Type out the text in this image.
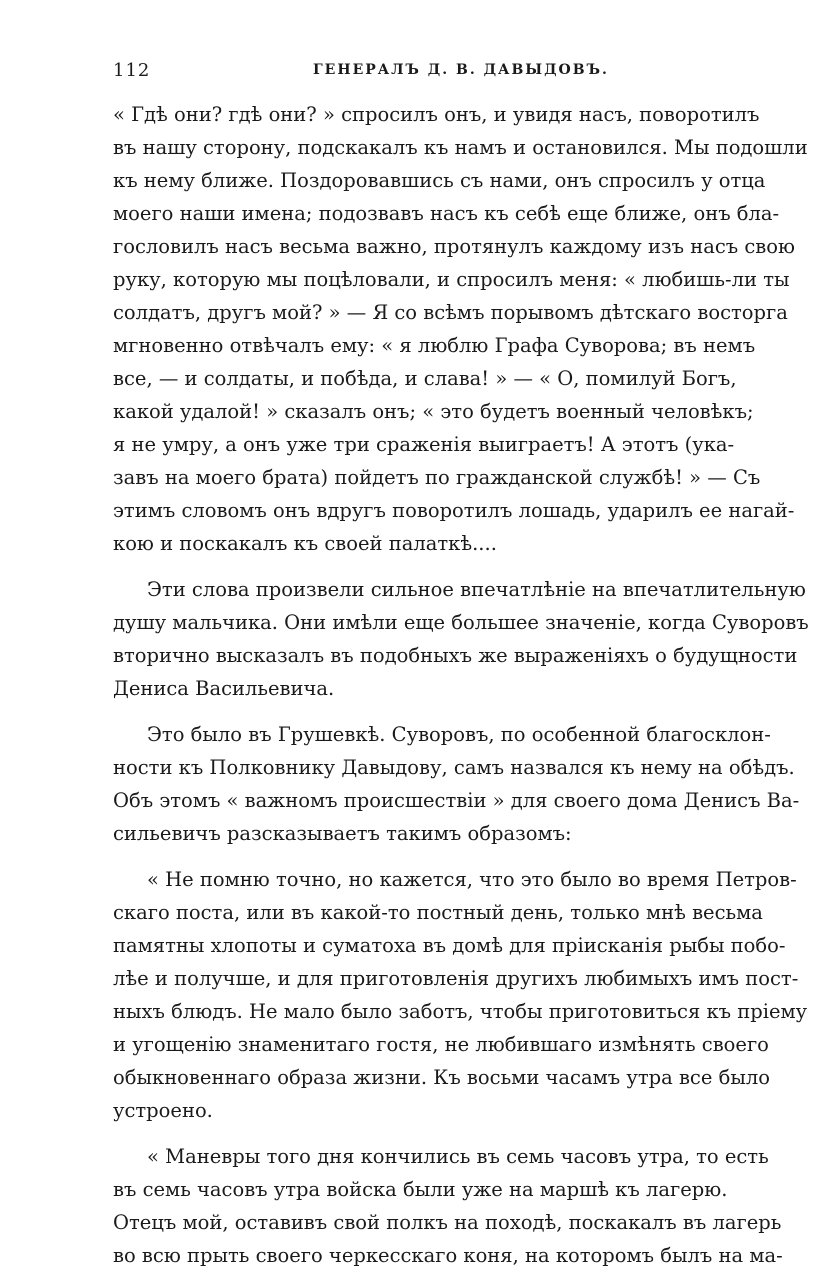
112	ГЕНЕРАЛЪ Д. В. ДАВЫДОВЪ.
« Гдѣ они? гдѣ они? » спросилъ онъ, и увидя насъ, поворотилъ
въ нашу сторону, подскакалъ къ намъ и остановился. Мы подошли
къ нему ближе. Поздоровавшись съ нами, онъ спросилъ у отца
моего наши имена; подозвавъ насъ къ себѣ еще ближе, онъ бла-
гословилъ насъ весьма важно, протянулъ каждому изъ насъ свою
руку, которую мы поцѣловали, и спросилъ меня: « любишь-ли ты
солдатъ, другъ мой? » — Я со всѣмъ порывомъ дѣтскаго восторга
мгновенно отвѣчалъ ему: « я люблю Графа Суворова; въ немъ
все, — и солдаты, и побѣда, и слава! » — « О, помилуй Богъ,
какой удалой! » сказалъ онъ; « это будетъ военный человѣкъ;
я не умру, а онъ уже три сраженія выиграетъ! А этотъ (ука-
завъ на моего брата) пойдетъ по гражданской службѣ! » — Съ
этимъ словомъ онъ вдругъ поворотилъ лошадь, ударилъ ее нагай-
кою и поскакалъ къ своей палаткѣ....
Эти слова произвели сильное впечатлѣніе на впечатлительную
душу мальчика. Они имѣли еще большее значеніе, когда Суворовъ
вторично высказалъ въ подобныхъ же выраженіяхъ о будущности
Дениса Васильевича.
Это было въ Грушевкѣ. Суворовъ, по особенной благосклон-
ности къ Полковнику Давыдову, самъ назвался къ нему на обѣдъ.
Объ этомъ « важномъ происшествіи » для своего дома Денисъ Ва-
сильевичъ разсказываетъ такимъ образомъ:
« Не помню точно, но кажется, что это было во время Петров-
скаго поста, или въ какой-то постный день, только мнѣ весьма
памятны хлопоты и суматоха въ домѣ для пріисканія рыбы побо-
лѣе и получше, и для приготовленія другихъ любимыхъ имъ пост-
ныхъ блюдъ. Не мало было заботъ, чтобы приготовиться къ пріему
и угощенію знаменитаго гостя, не любившаго измѣнять своего
обыкновеннаго образа жизни. Къ восьми часамъ утра все было
устроено.
« Маневры того дня кончились въ семь часовъ утра, то есть
въ семь часовъ утра войска были уже на маршѣ къ лагерю.
Отецъ мой, оставивъ свой полкъ на походѣ, поскакалъ въ лагерь
во всю прыть своего черкесскаго коня, на которомъ былъ на ма-
